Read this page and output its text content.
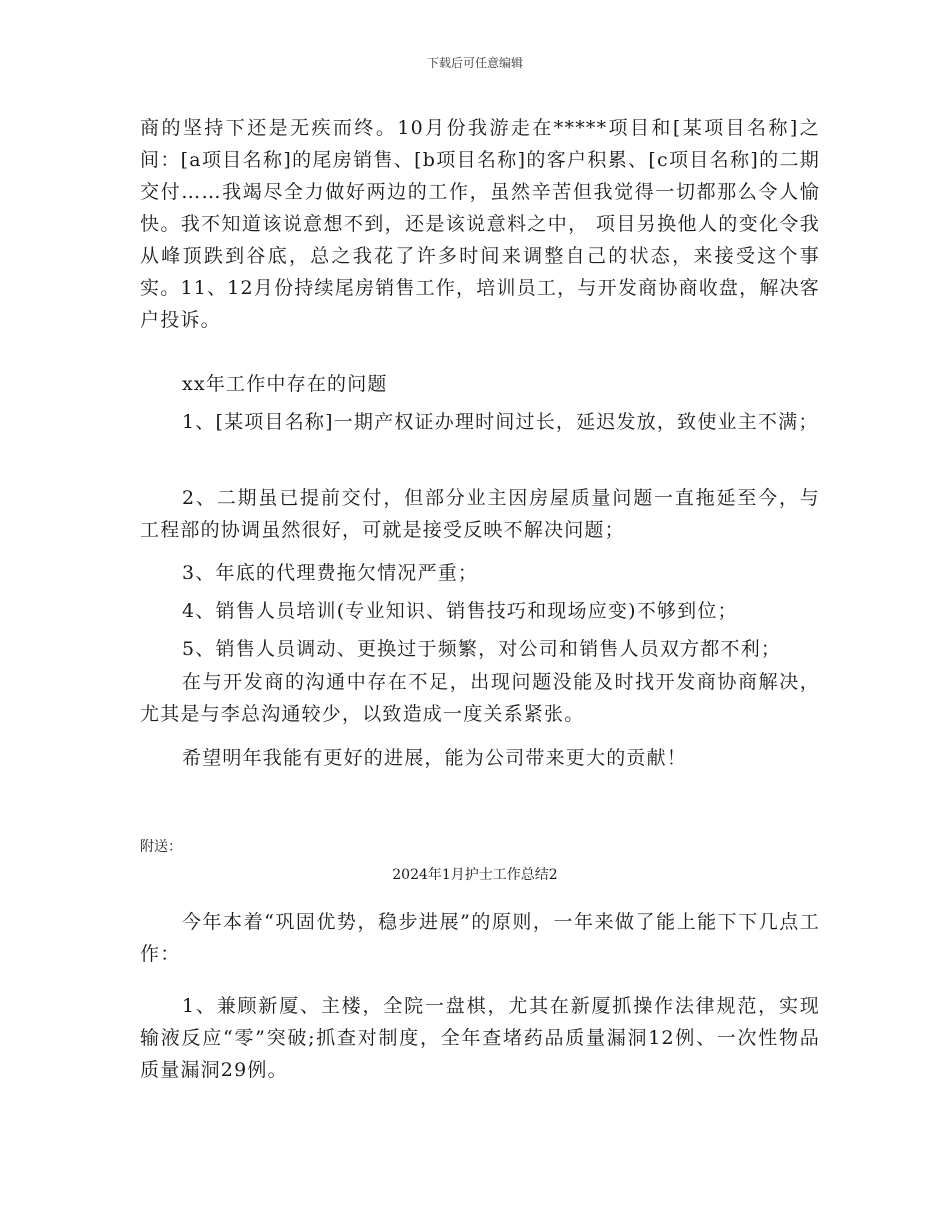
下载后可任意编辑
商的坚持下还是无疾而终。10月份我游走在*****项目和[某项目名称]之间：[a项目名称]的尾房销售、[b项目名称]的客户积累、[c项目名称]的二期交付……我竭尽全力做好两边的工作，虽然辛苦但我觉得一切都那么令人愉快。我不知道该说意想不到，还是该说意料之中， 项目另换他人的变化令我从峰顶跌到谷底，总之我花了许多时间来调整自己的状态，来接受这个事实。11、12月份持续尾房销售工作，培训员工，与开发商协商收盘，解决客户投诉。
xx年工作中存在的问题
1、[某项目名称]一期产权证办理时间过长，延迟发放，致使业主不满；
2、二期虽已提前交付，但部分业主因房屋质量问题一直拖延至今，与工程部的协调虽然很好，可就是接受反映不解决问题；
3、年底的代理费拖欠情况严重；
4、销售人员培训(专业知识、销售技巧和现场应变)不够到位；
5、销售人员调动、更换过于频繁，对公司和销售人员双方都不利；
在与开发商的沟通中存在不足，出现问题没能及时找开发商协商解决，尤其是与李总沟通较少，以致造成一度关系紧张。
希望明年我能有更好的进展，能为公司带来更大的贡献！
附送：
2024年1月护士工作总结2
今年本着“巩固优势，稳步进展”的原则，一年来做了能上能下下几点工作：
1、兼顾新厦、主楼，全院一盘棋，尤其在新厦抓操作法律规范，实现输液反应“零”突破;抓查对制度，全年查堵药品质量漏洞12例、一次性物品质量漏洞29例。
